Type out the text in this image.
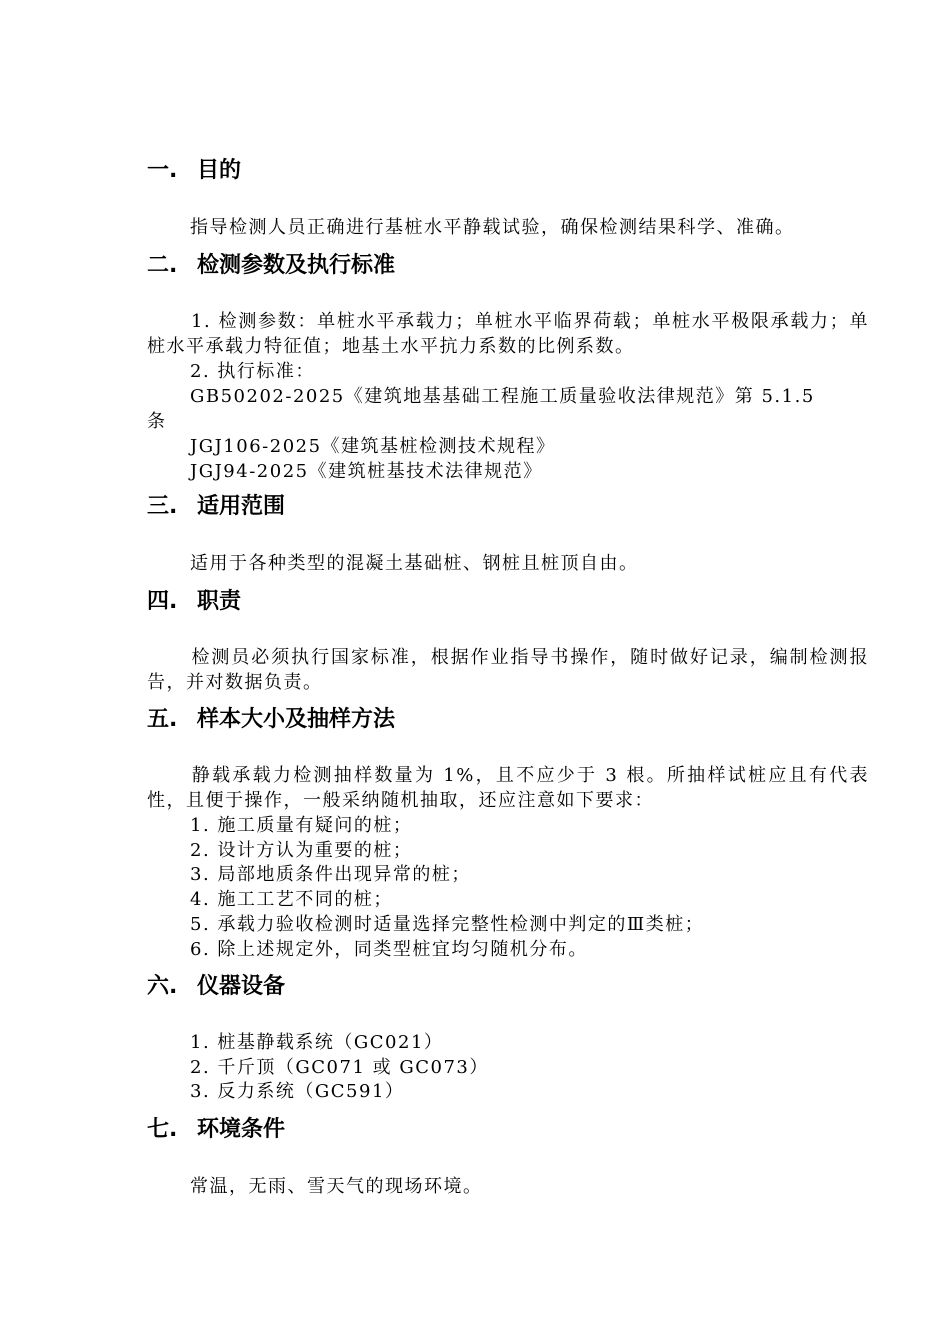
一. 目的
指导检测人员正确进行基桩水平静载试验，确保检测结果科学、准确。
二. 检测参数及执行标准
1. 检测参数：单桩水平承载力；单桩水平临界荷载；单桩水平极限承载力；单桩水平承载力特征值；地基土水平抗力系数的比例系数。
2. 执行标准：
GB50202-2025《建筑地基基础工程施工质量验收法律规范》第 5.1.5
条
JGJ106-2025《建筑基桩检测技术规程》
JGJ94-2025《建筑桩基技术法律规范》
三. 适用范围
适用于各种类型的混凝土基础桩、钢桩且桩顶自由。
四. 职责
检测员必须执行国家标准，根据作业指导书操作，随时做好记录，编制检测报告，并对数据负责。
五. 样本大小及抽样方法
静载承载力检测抽样数量为 1%，且不应少于 3 根。所抽样试桩应且有代表性，且便于操作，一般采纳随机抽取，还应注意如下要求：
1. 施工质量有疑问的桩；
2. 设计方认为重要的桩；
3. 局部地质条件出现异常的桩；
4. 施工工艺不同的桩；
5. 承载力验收检测时适量选择完整性检测中判定的Ⅲ类桩；
6. 除上述规定外，同类型桩宜均匀随机分布。
六. 仪器设备
1. 桩基静载系统（GC021）
2. 千斤顶（GC071 或 GC073）
3. 反力系统（GC591）
七. 环境条件
常温，无雨、雪天气的现场环境。
